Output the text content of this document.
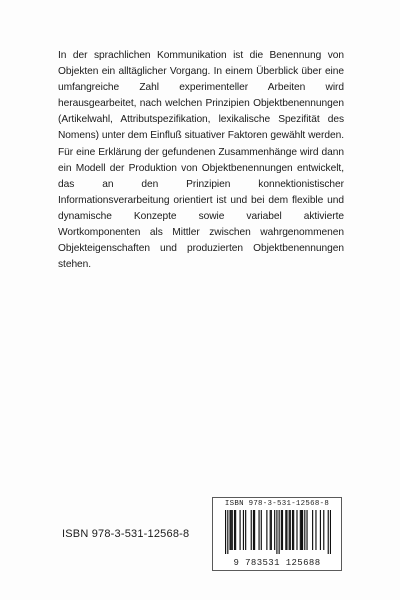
In der sprachlichen Kommunikation ist die Benennung von Objekten ein alltäglicher Vorgang. In einem Überblick über eine umfangreiche Zahl experimenteller Arbeiten wird herausgearbeitet, nach welchen Prinzipien Objektbenennungen (Artikelwahl, Attributspezifikation, lexikalische Spezifität des Nomens) unter dem Einfluß situativer Faktoren gewählt werden. Für eine Erklärung der gefundenen Zusammenhänge wird dann ein Modell der Produktion von Objektbenennungen entwickelt, das an den Prinzipien konnektionistischer Informationsverarbeitung orientiert ist und bei dem flexible und dynamische Konzepte sowie variabel aktivierte Wortkomponenten als Mittler zwischen wahrgenommenen Objekteigenschaften und produzierten Objektbenennungen stehen.

ISBN 978-3-531-12568-8
ISBN 978-3-531-12568-8
9 783531 125688
